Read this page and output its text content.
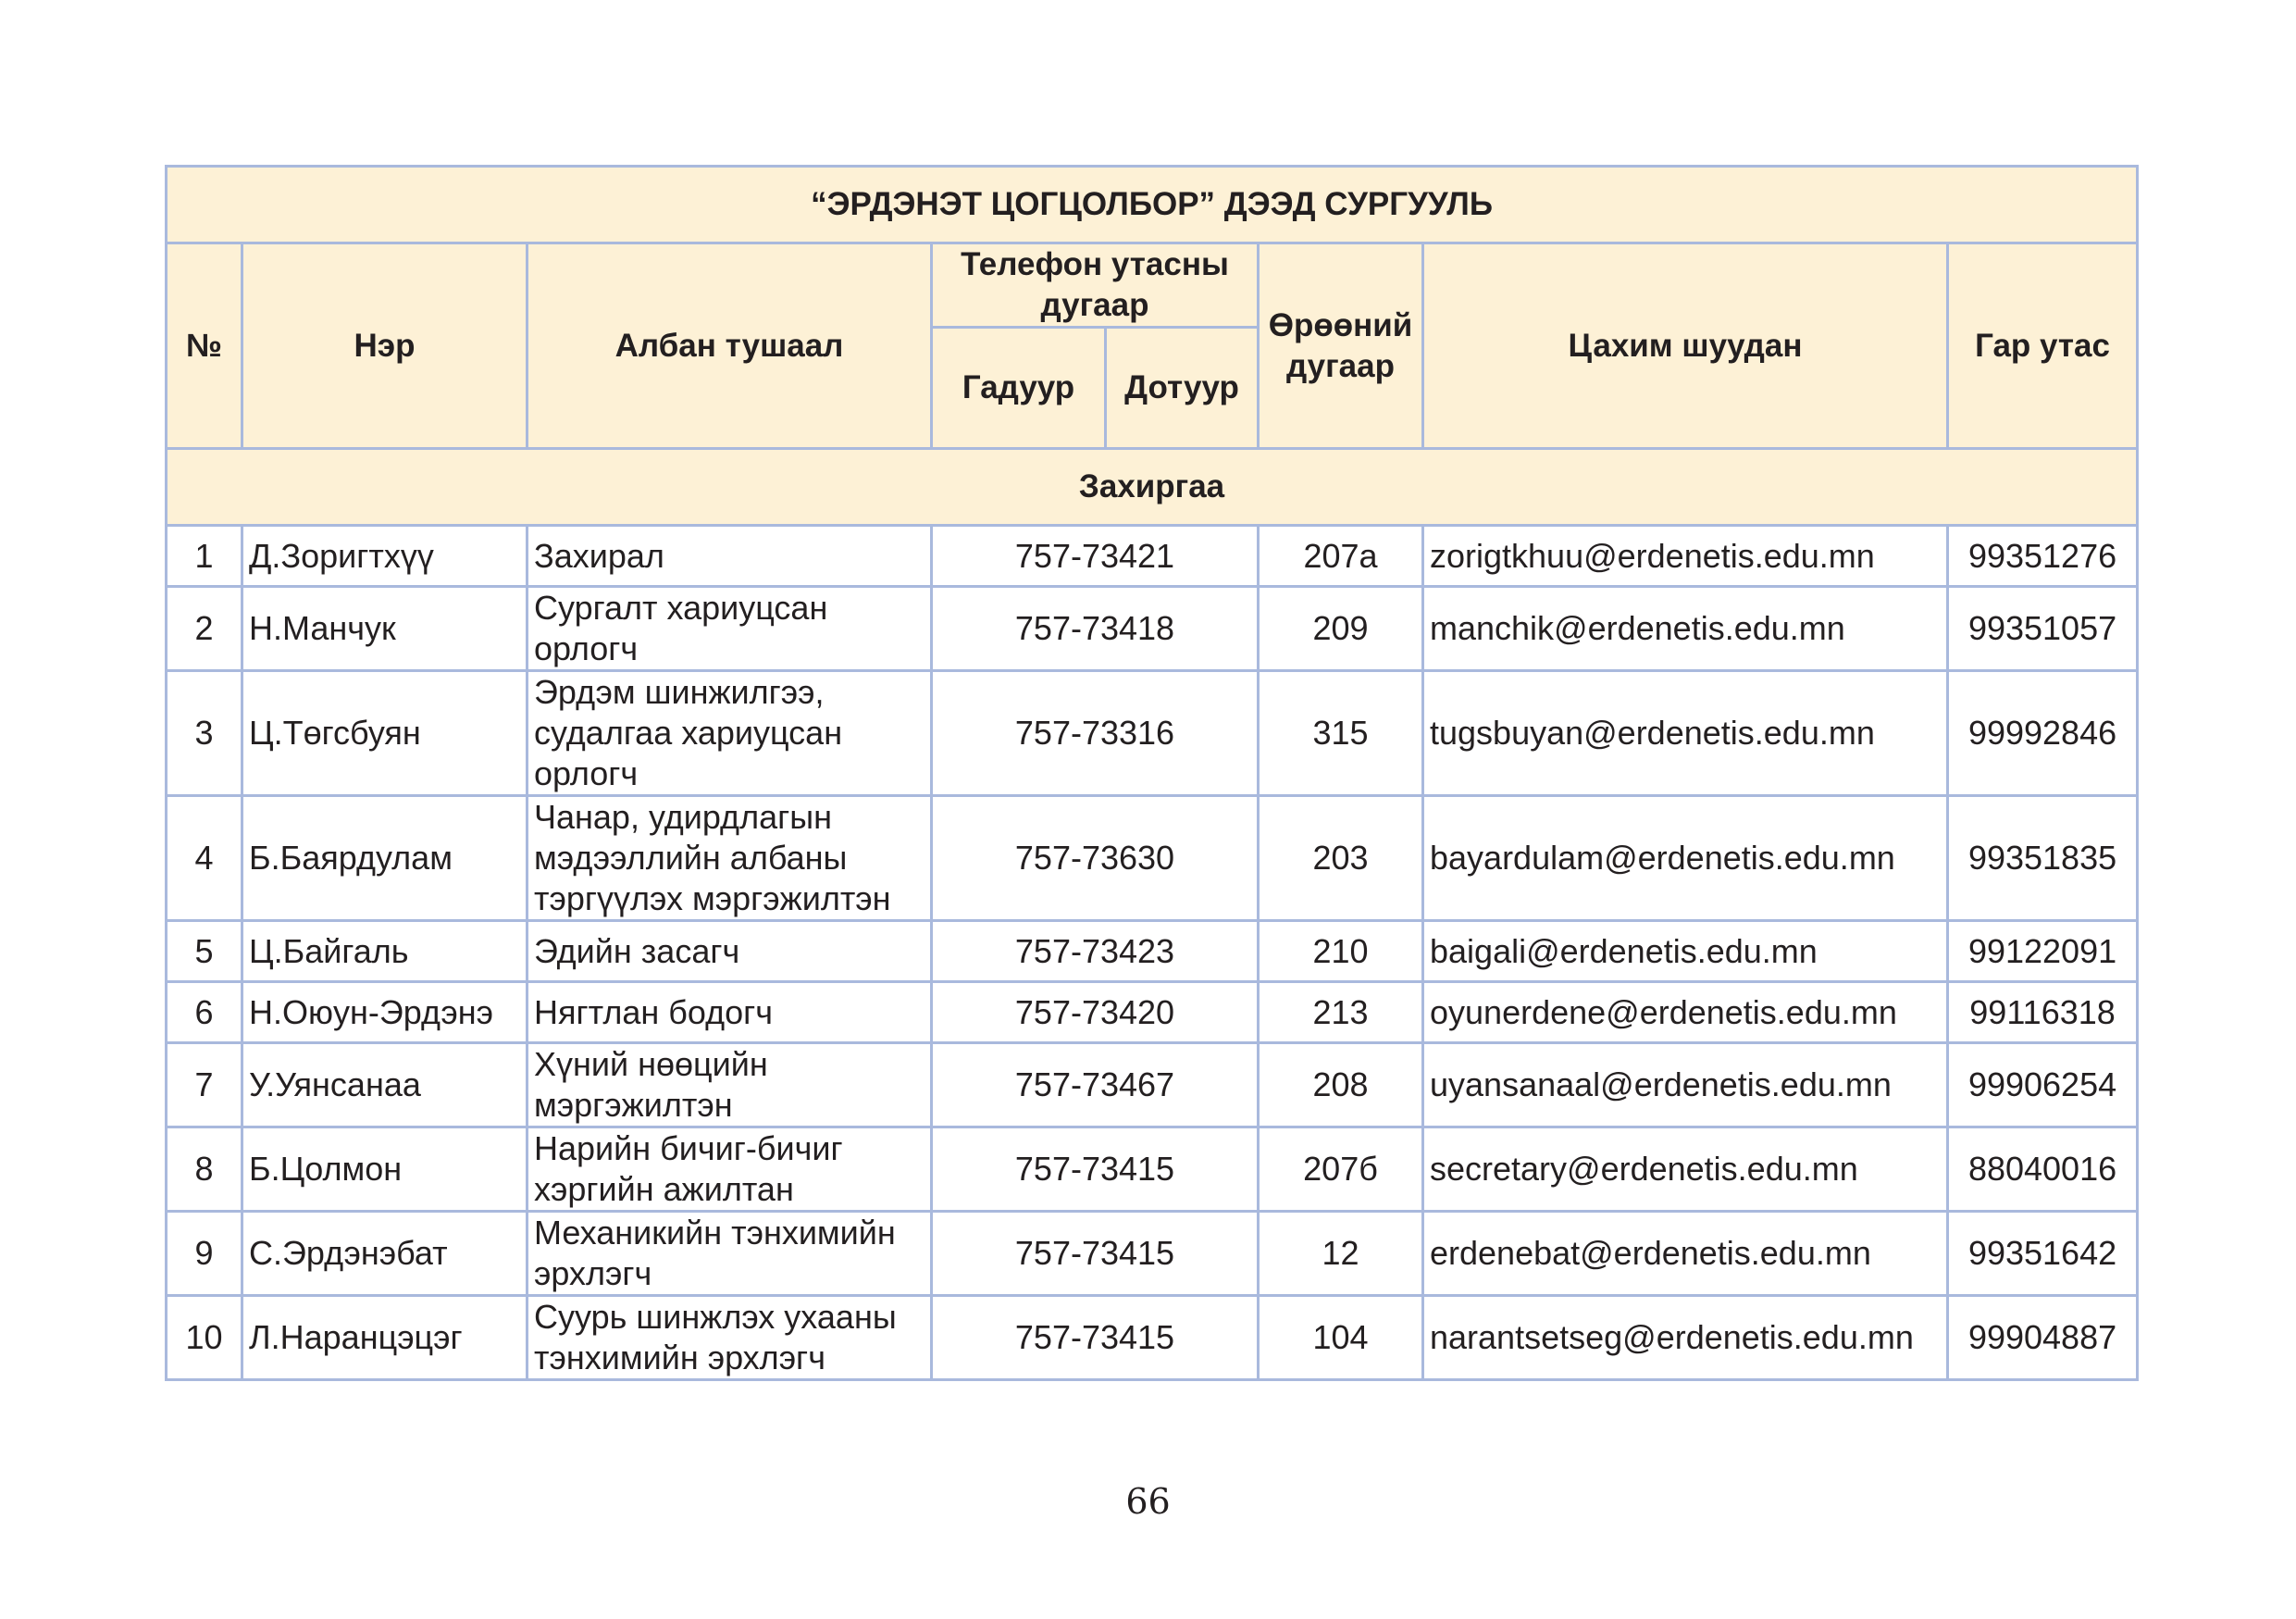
“ЭРДЭНЭТ ЦОГЦОЛБОР” ДЭЭД СУРГУУЛЬ							
№	Нэр	Албан тушаал	Телефон утасны дугаар		Өрөөний дугаар	Цахим шуудан	Гар утас
			Гадуур	Дотуур			
Захиргаа							
1	Д.Зоригтхүү	Захирал	757-73421		207а	zorigtkhuu@erdenetis.edu.mn	99351276
2	Н.Манчук	Сургалт хариуцсан орлогч	757-73418		209	manchik@erdenetis.edu.mn	99351057
3	Ц.Төгсбуян	Эрдэм шинжилгээ, судалгаа хариуцсан орлогч	757-73316		315	tugsbuyan@erdenetis.edu.mn	99992846
4	Б.Баярдулам	Чанар, удирдлагын мэдээллийн албаны тэргүүлэх мэргэжилтэн	757-73630		203	bayardulam@erdenetis.edu.mn	99351835
5	Ц.Байгаль	Эдийн засагч	757-73423		210	baigali@erdenetis.edu.mn	99122091
6	Н.Оюун-Эрдэнэ	Нягтлан бодогч	757-73420		213	oyunerdene@erdenetis.edu.mn	99116318
7	У.Уянсанаа	Хүний нөөцийн мэргэжилтэн	757-73467		208	uyansanaal@erdenetis.edu.mn	99906254
8	Б.Цолмон	Нарийн бичиг-бичиг хэргийн ажилтан	757-73415		207б	secretary@erdenetis.edu.mn	88040016
9	С.Эрдэнэбат	Механикийн тэнхимийн эрхлэгч	757-73415		12	erdenebat@erdenetis.edu.mn	99351642
10	Л.Наранцэцэг	Суурь шинжлэх ухааны тэнхимийн эрхлэгч	757-73415		104	narantsetseg@erdenetis.edu.mn	99904887
66
